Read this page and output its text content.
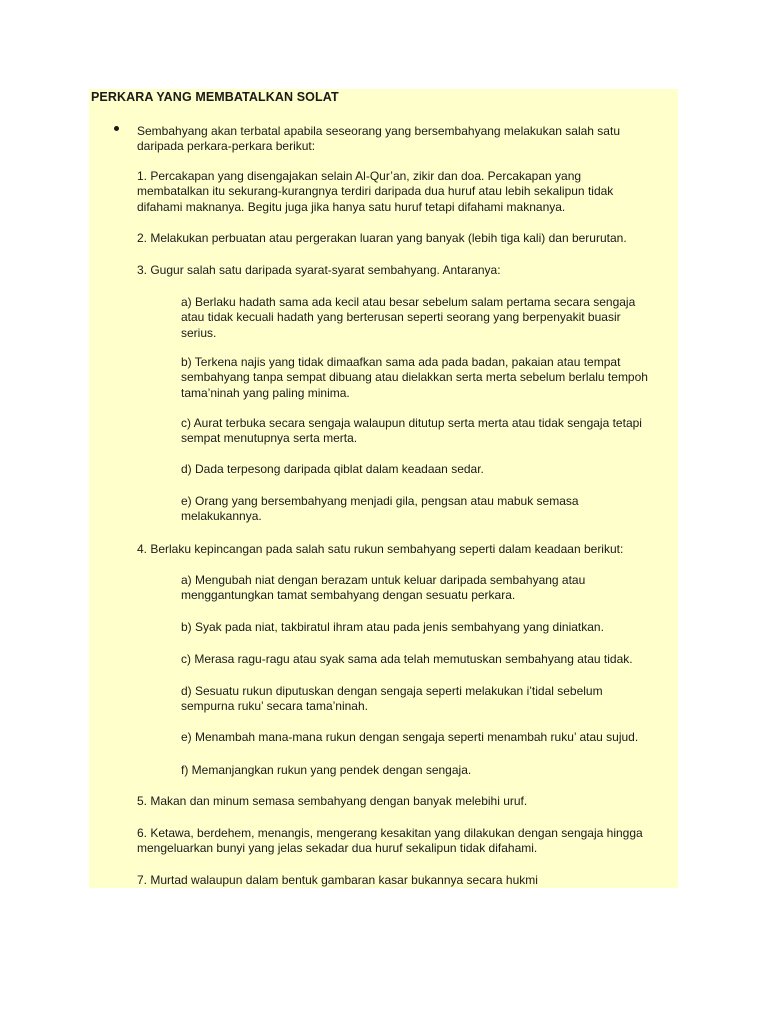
PERKARA YANG MEMBATALKAN SOLAT
Sembahyang akan terbatal apabila seseorang yang bersembahyang melakukan salah satu
daripada perkara-perkara berikut:
1. Percakapan yang disengajakan selain Al-Qur’an, zikir dan doa. Percakapan yang
membatalkan itu sekurang-kurangnya terdiri daripada dua huruf atau lebih sekalipun tidak
difahami maknanya. Begitu juga jika hanya satu huruf tetapi difahami maknanya.
2. Melakukan perbuatan atau pergerakan luaran yang banyak (lebih tiga kali) dan berurutan.
3. Gugur salah satu daripada syarat-syarat sembahyang. Antaranya:
a) Berlaku hadath sama ada kecil atau besar sebelum salam pertama secara sengaja
atau tidak kecuali hadath yang berterusan seperti seorang yang berpenyakit buasir
serius.
b) Terkena najis yang tidak dimaafkan sama ada pada badan, pakaian atau tempat
sembahyang tanpa sempat dibuang atau dielakkan serta merta sebelum berlalu tempoh
tama’ninah yang paling minima.
c) Aurat terbuka secara sengaja walaupun ditutup serta merta atau tidak sengaja tetapi
sempat menutupnya serta merta.
d) Dada terpesong daripada qiblat dalam keadaan sedar.
e) Orang yang bersembahyang menjadi gila, pengsan atau mabuk semasa
melakukannya.
4. Berlaku kepincangan pada salah satu rukun sembahyang seperti dalam keadaan berikut:
a) Mengubah niat dengan berazam untuk keluar daripada sembahyang atau
menggantungkan tamat sembahyang dengan sesuatu perkara.
b) Syak pada niat, takbiratul ihram atau pada jenis sembahyang yang diniatkan.
c) Merasa ragu-ragu atau syak sama ada telah memutuskan sembahyang atau tidak.
d) Sesuatu rukun diputuskan dengan sengaja seperti melakukan i’tidal sebelum
sempurna ruku’ secara tama’ninah.
e) Menambah mana-mana rukun dengan sengaja seperti menambah ruku’ atau sujud.
f) Memanjangkan rukun yang pendek dengan sengaja.
5. Makan dan minum semasa sembahyang dengan banyak melebihi uruf.
6. Ketawa, berdehem, menangis, mengerang kesakitan yang dilakukan dengan sengaja hingga
mengeluarkan bunyi yang jelas sekadar dua huruf sekalipun tidak difahami.
7. Murtad walaupun dalam bentuk gambaran kasar bukannya secara hukmi
